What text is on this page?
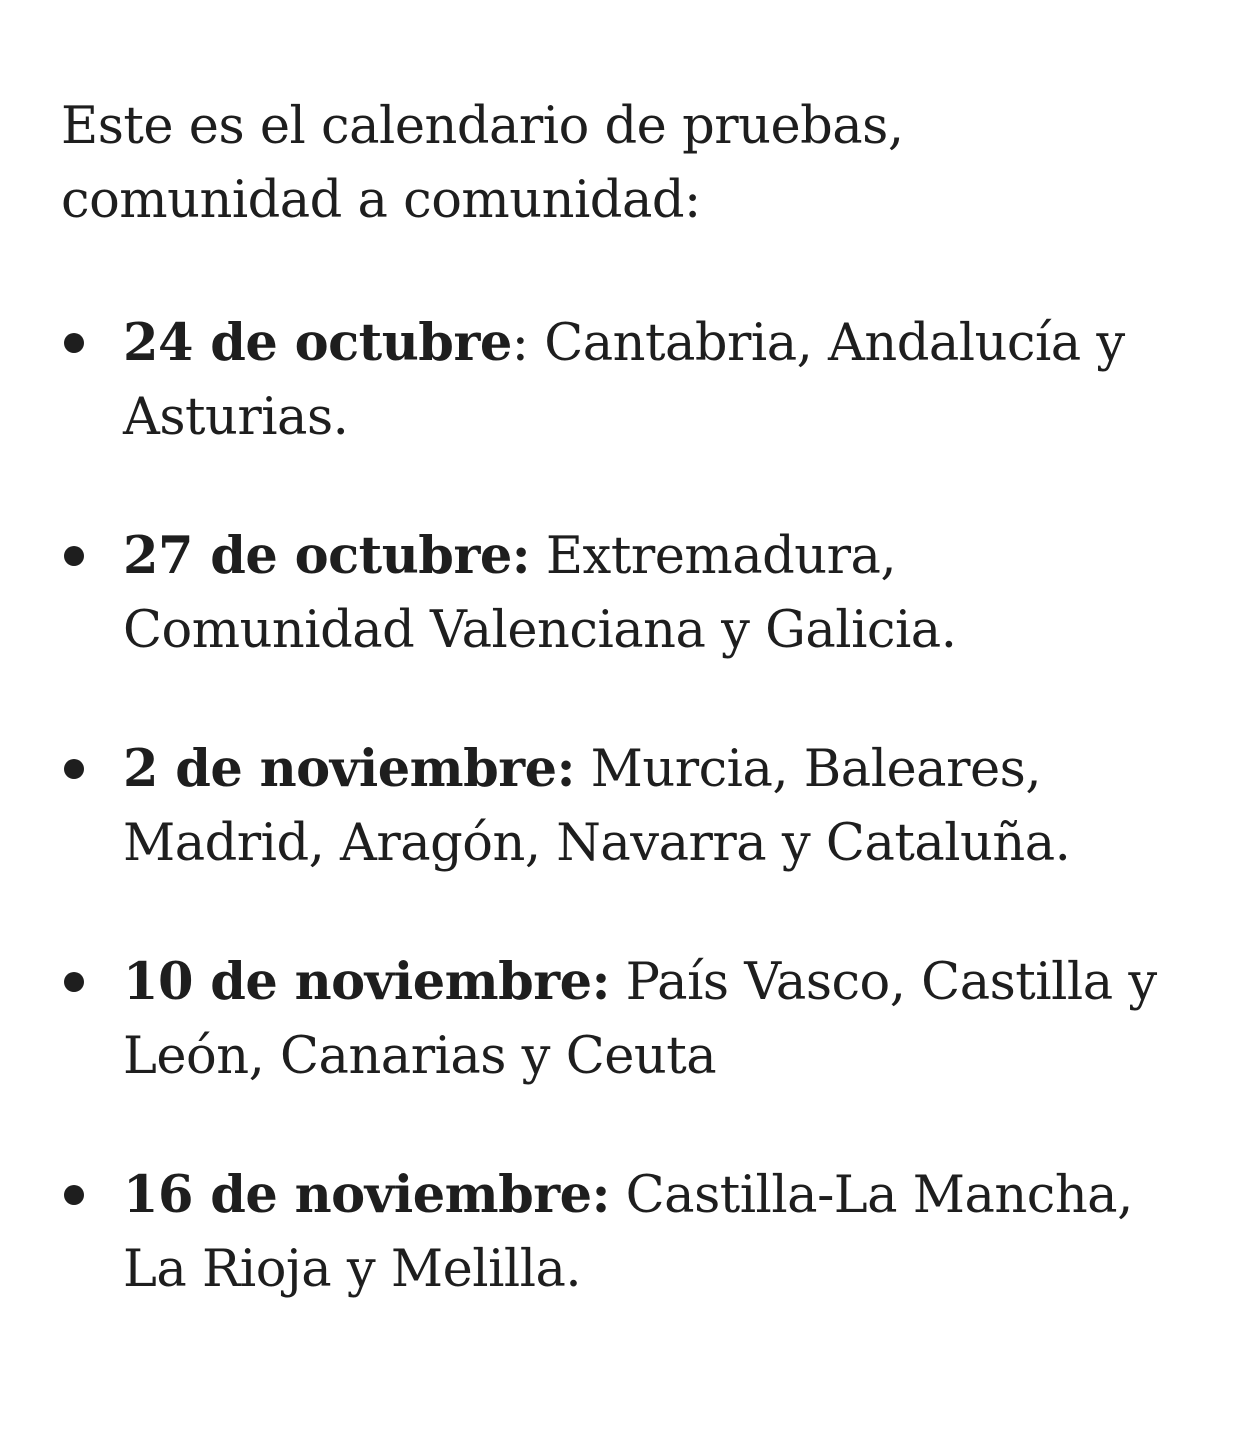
Este es el calendario de pruebas, comunidad a comunidad:

24 de octubre: Cantabria, Andalucía y Asturias.
27 de octubre: Extremadura, Comunidad Valenciana y Galicia.
2 de noviembre: Murcia, Baleares, Madrid, Aragón, Navarra y Cataluña.
10 de noviembre: País Vasco, Castilla y León, Canarias y Ceuta
16 de noviembre: Castilla-La Mancha, La Rioja y Melilla.
